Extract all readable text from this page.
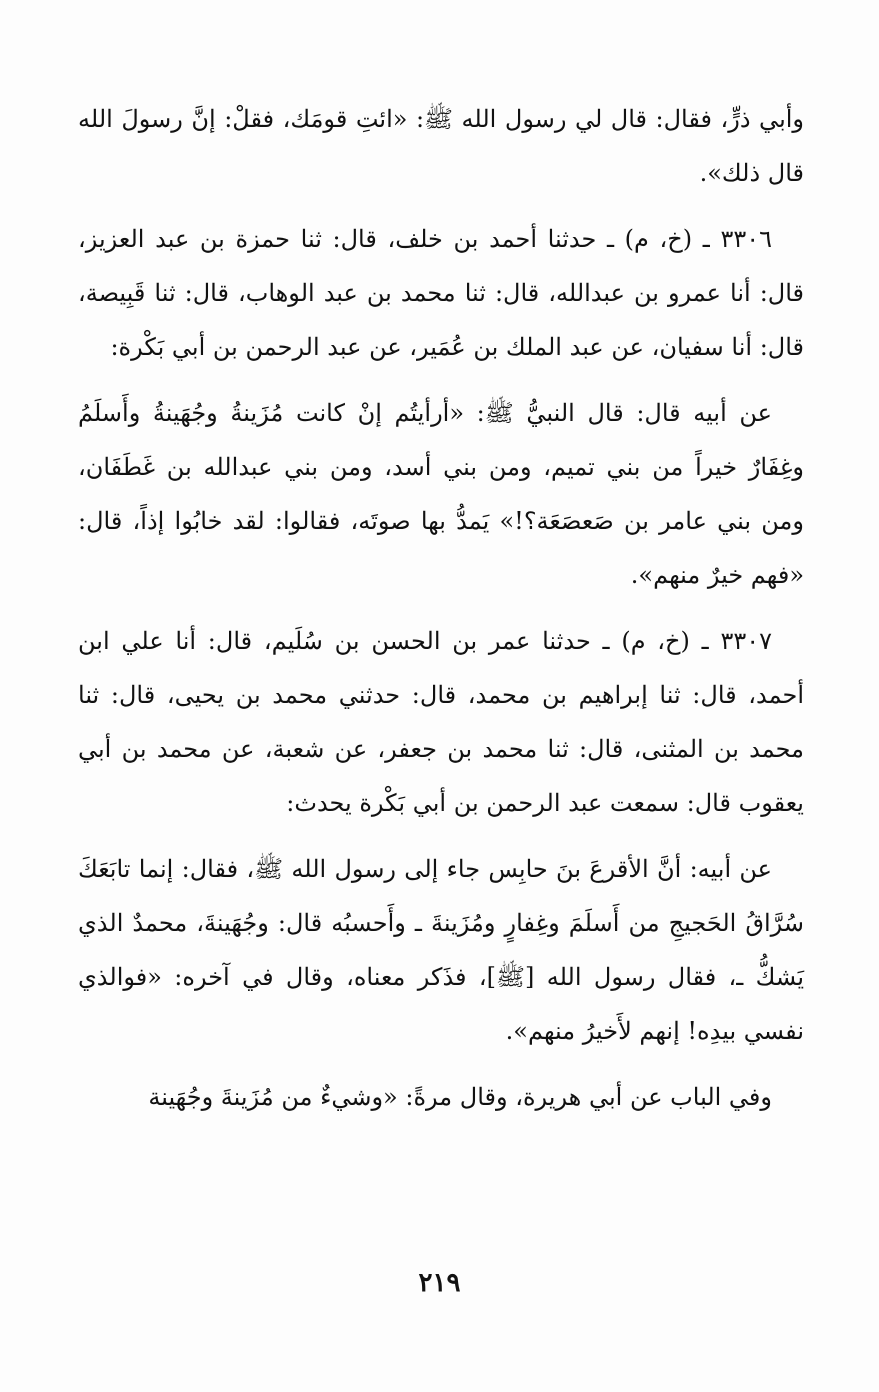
وأبي ذرٍّ، فقال: قال لي رسول الله ﷺ: «ائتِ قومَك، فقلْ: إنَّ رسولَ الله قال ذلك».

٣٣٠٦ ـ (خ، م) ـ حدثنا أحمد بن خلف، قال: ثنا حمزة بن عبد العزيز، قال: أنا عمرو بن عبدالله، قال: ثنا محمد بن عبد الوهاب، قال: ثنا قَبِيصة، قال: أنا سفيان، عن عبد الملك بن عُمَير، عن عبد الرحمن بن أبي بَكْرة:

عن أبيه قال: قال النبيُّ ﷺ: «أرأيتُم إنْ كانت مُزَينةُ وجُهَينةُ وأَسلَمُ وغِفَارٌ خيراً من بني تميم، ومن بني أسد، ومن بني عبدالله بن غَطَفَان، ومن بني عامر بن صَعصَعَة؟!» يَمدُّ بها صوتَه، فقالوا: لقد خابُوا إذاً، قال: «فهم خيرٌ منهم».

٣٣٠٧ ـ (خ، م) ـ حدثنا عمر بن الحسن بن سُلَيم، قال: أنا علي ابن أحمد، قال: ثنا إبراهيم بن محمد، قال: حدثني محمد بن يحيى، قال: ثنا محمد بن المثنى، قال: ثنا محمد بن جعفر، عن شعبة، عن محمد بن أبي يعقوب قال: سمعت عبد الرحمن بن أبي بَكْرة يحدث:

عن أبيه: أنَّ الأقرعَ بنَ حابِس جاء إلى رسول الله ﷺ، فقال: إنما تابَعَكَ سُرَّاقُ الحَجيجِ من أَسلَمَ وغِفارٍ ومُزَينةَ ـ وأَحسبُه قال: وجُهَينةَ، محمدٌ الذي يَشكُّ ـ، فقال رسول الله [ﷺ]، فذَكر معناه، وقال في آخره: «فوالذي نفسي بيدِه! إنهم لأَخيرُ منهم».

وفي الباب عن أبي هريرة، وقال مرةً: «وشيءٌ من مُزَينةَ وجُهَينة

٢١٩
